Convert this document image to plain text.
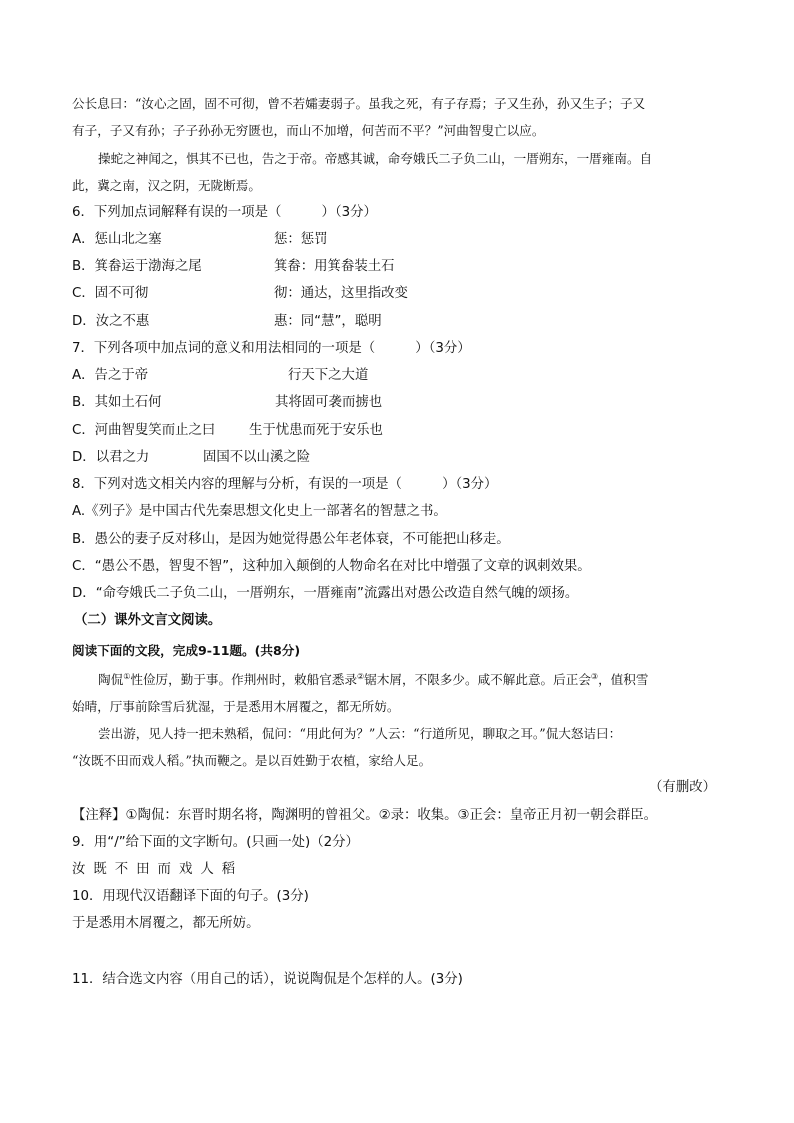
公长息曰：“汝心之固，固不可彻，曾不若孀妻弱子。虽我之死，有子存焉；子又生孙，孙又生子；子又
有子，子又有孙；子子孙孙无穷匮也，而山不加增，何苦而不平？”河曲智叟亡以应。
操蛇之神闻之，惧其不已也，告之于帝。帝感其诚，命夸娥氏二子负二山，一厝朔东，一厝雍南。自
此，冀之南，汉之阴，无陇断焉。
6．下列加点词解释有误的一项是（　　　）（3分）
A．惩山北之塞	惩：惩罚
B．箕畚运于渤海之尾	箕畚：用箕畚装土石
C．固不可彻	彻：通达，这里指改变
D．汝之不惠	惠：同“慧”，聪明
7．下列各项中加点词的意义和用法相同的一项是（　　　）（3分）
A．告之于帝	行天下之大道
B．其如土石何	其将固可袭而掳也
C．河曲智叟笑而止之曰	生于忧患而死于安乐也
D．以君之力	固国不以山溪之险
8．下列对选文相关内容的理解与分析，有误的一项是（　　　）（3分）
A.《列子》是中国古代先秦思想文化史上一部著名的智慧之书。
B．愚公的妻子反对移山，是因为她觉得愚公年老体衰，不可能把山移走。
C．“愚公不愚，智叟不智”，这种加入颠倒的人物命名在对比中增强了文章的讽刺效果。
D．“命夸娥氏二子负二山，一厝朔东，一厝雍南”流露出对愚公改造自然气魄的颂扬。
（二）课外文言文阅读。
阅读下面的文段，完成9-11题。(共8分)
陶侃①性俭厉，勤于事。作荆州时，敕船官悉录②锯木屑，不限多少。咸不解此意。后正会③，值积雪
始晴，厅事前除雪后犹湿，于是悉用木屑覆之，都无所妨。
尝出游，见人持一把未熟稻，侃问：“用此何为？”人云：“行道所见，聊取之耳。”侃大怒诘曰：
“汝既不田而戏人稻。”执而鞭之。是以百姓勤于农植，家给人足。
（有删改）
【注释】①陶侃：东晋时期名将，陶渊明的曾祖父。②录：收集。③正会：皇帝正月初一朝会群臣。
9．用“/”给下面的文字断句。(只画一处)（2分）
汝既不田而戏人稻
10．用现代汉语翻译下面的句子。(3分)
于是悉用木屑覆之，都无所妨。
11．结合选文内容（用自己的话），说说陶侃是个怎样的人。(3分)
